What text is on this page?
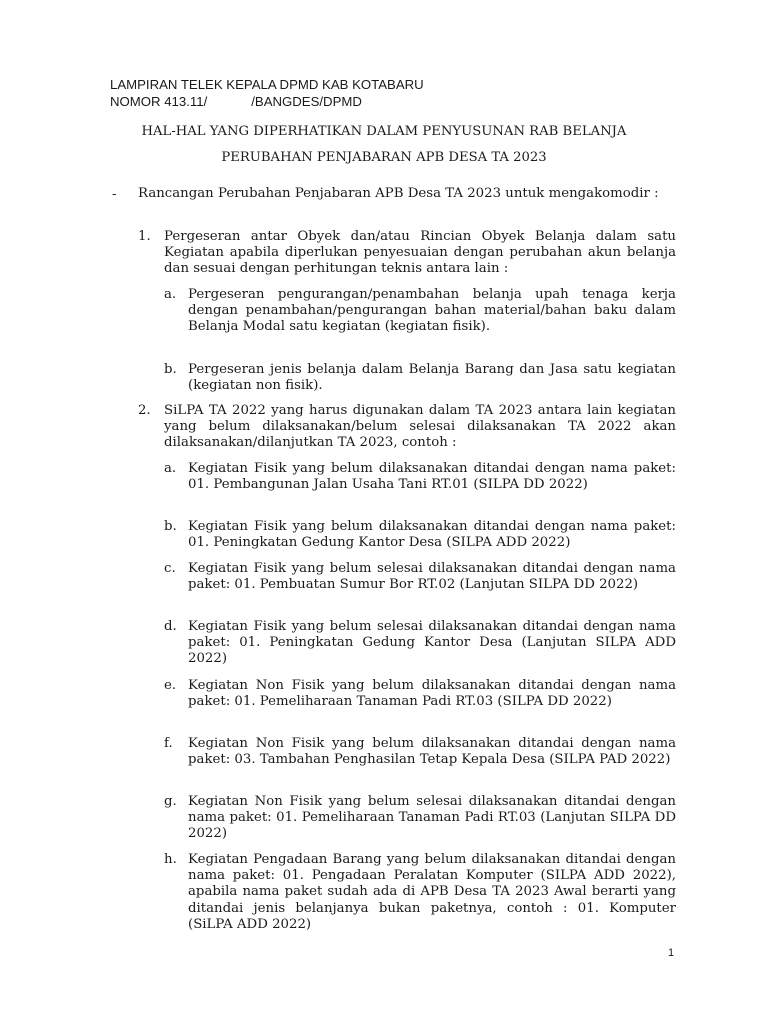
LAMPIRAN TELEK KEPALA DPMD KAB KOTABARU
NOMOR 413.11/	/BANGDES/DPMD
HAL-HAL YANG DIPERHATIKAN DALAM PENYUSUNAN RAB BELANJA
PERUBAHAN PENJABARAN APB DESA TA 2023
- Rancangan Perubahan Penjabaran APB Desa TA 2023 untuk mengakomodir :
1. Pergeseran antar Obyek dan/atau Rincian Obyek Belanja dalam satu Kegiatan apabila diperlukan penyesuaian dengan perubahan akun belanja dan sesuai dengan perhitungan teknis antara lain :
a. Pergeseran pengurangan/penambahan belanja upah tenaga kerja dengan penambahan/pengurangan bahan material/bahan baku dalam Belanja Modal satu kegiatan (kegiatan fisik).
b. Pergeseran jenis belanja dalam Belanja Barang dan Jasa satu kegiatan (kegiatan non fisik).
2. SiLPA TA 2022 yang harus digunakan dalam TA 2023 antara lain kegiatan yang belum dilaksanakan/belum selesai dilaksanakan TA 2022 akan dilaksanakan/dilanjutkan TA 2023, contoh :
a. Kegiatan Fisik yang belum dilaksanakan ditandai dengan nama paket: 01. Pembangunan Jalan Usaha Tani RT.01 (SILPA DD 2022)
b. Kegiatan Fisik yang belum dilaksanakan ditandai dengan nama paket: 01. Peningkatan Gedung Kantor Desa (SILPA ADD 2022)
c. Kegiatan Fisik yang belum selesai dilaksanakan ditandai dengan nama paket: 01. Pembuatan Sumur Bor RT.02 (Lanjutan SILPA DD 2022)
d. Kegiatan Fisik yang belum selesai dilaksanakan ditandai dengan nama paket: 01. Peningkatan Gedung Kantor Desa (Lanjutan SILPA ADD 2022)
e. Kegiatan Non Fisik yang belum dilaksanakan ditandai dengan nama paket: 01. Pemeliharaan Tanaman Padi RT.03 (SILPA DD 2022)
f. Kegiatan Non Fisik yang belum dilaksanakan ditandai dengan nama paket: 03. Tambahan Penghasilan Tetap Kepala Desa (SILPA PAD 2022)
g. Kegiatan Non Fisik yang belum selesai dilaksanakan ditandai dengan nama paket: 01. Pemeliharaan Tanaman Padi RT.03 (Lanjutan SILPA DD 2022)
h. Kegiatan Pengadaan Barang yang belum dilaksanakan ditandai dengan nama paket: 01. Pengadaan Peralatan Komputer (SILPA ADD 2022), apabila nama paket sudah ada di APB Desa TA 2023 Awal berarti yang ditandai jenis belanjanya bukan paketnya, contoh : 01. Komputer (SiLPA ADD 2022)
1
